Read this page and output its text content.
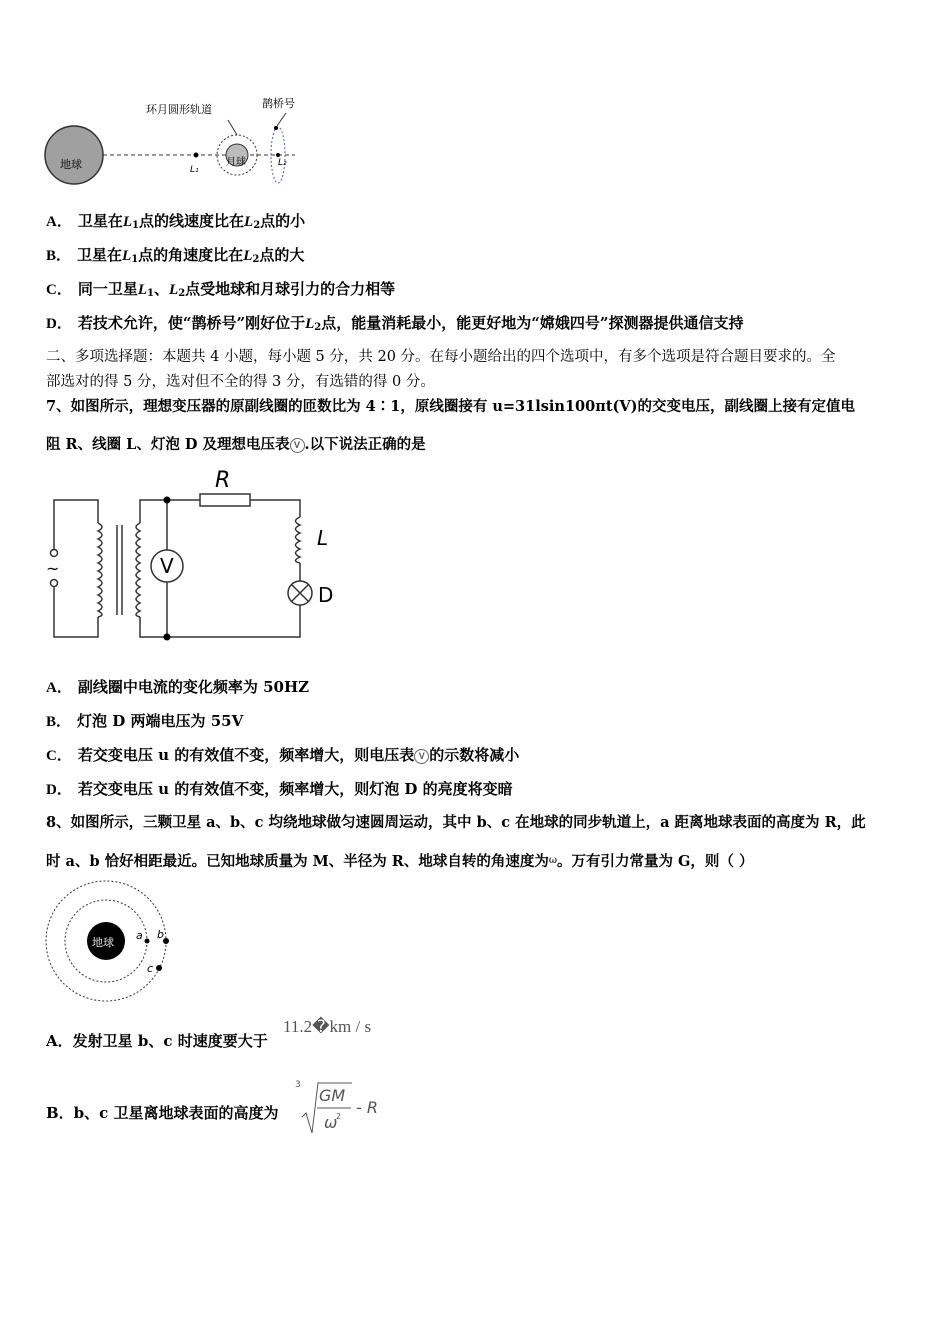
地球	L₁
月球	L₂
环月圆形轨道	鹊桥号
A． 卫星在$L_1$点的线速度比在$L_2$点的小
B． 卫星在$L_1$点的角速度比在$L_2$点的大
C． 同一卫星$L_1$、$L_2$点受地球和月球引力的合力相等
D． 若技术允许，使“鹊桥号”刚好位于$L_2$点，能量消耗最小，能更好地为“嫦娥四号”探测器提供通信支持
二、多项选择题：本题共 4 小题，每小题 5 分，共 20 分。在每小题给出的四个选项中，有多个选项是符合题目要求的。全
部选对的得 5 分，选对但不全的得 3 分，有选错的得 0 分。
7、如图所示，理想变压器的原副线圈的匝数比为 4∶1，原线圈接有 u=31lsin100πt(V)的交变电压，副线圈上接有定值电
阻 R、线圈 L、灯泡 D 及理想电压表 V .以下说法正确的是
V
R
L
D
~
A． 副线圈中电流的变化频率为 50HZ
B． 灯泡 D 两端电压为 55V
C． 若交变电压 u 的有效值不变，频率增大，则电压表 V 的示数将减小
D． 若交变电压 u 的有效值不变，频率增大，则灯泡 D 的亮度将变暗
8、如图所示，三颗卫星 a、b、c 均绕地球做匀速圆周运动，其中 b、c 在地球的同步轨道上，a 距离地球表面的高度为 R，此
时 a、b 恰好相距最近。已知地球质量为 M、半径为 R、地球自转的角速度为$^\omega$。万有引力常量为 G，则（ ）
地球
a b
c
A．发射卫星 b、c 时速度要大于
11.2�km / s
B．b、c 卫星离地球表面的高度为
3
GM
ω
2 - R
